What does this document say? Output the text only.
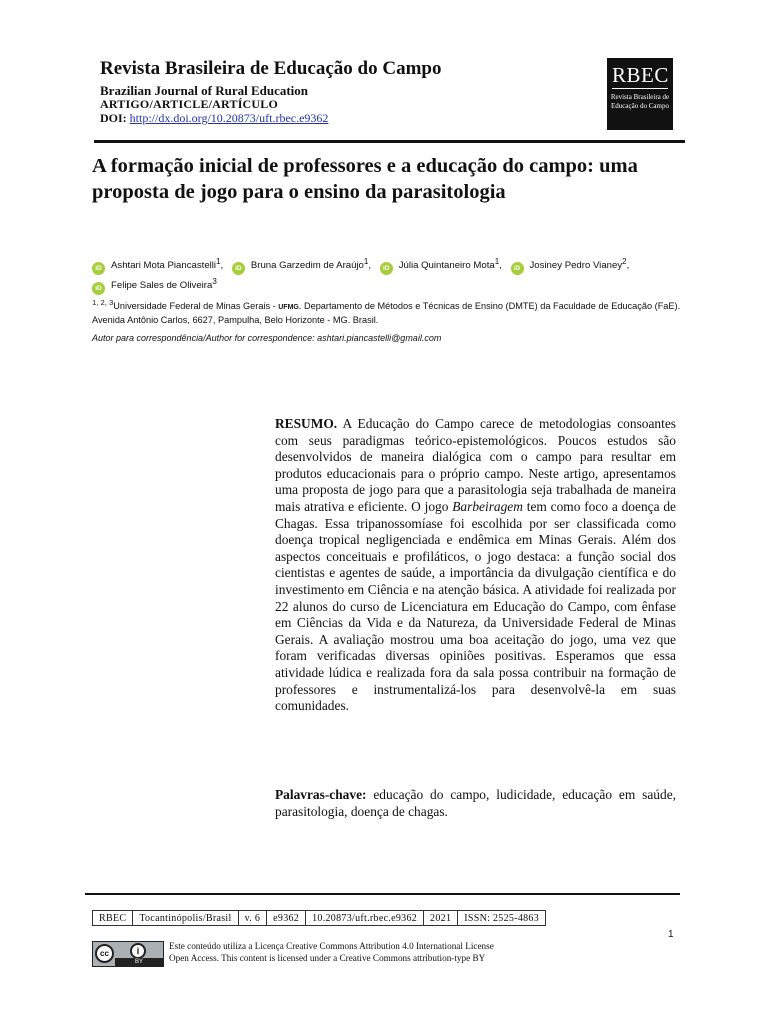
Revista Brasileira de Educação do Campo
Brazilian Journal of Rural Education
ARTIGO/ARTICLE/ARTÍCULO
DOI: http://dx.doi.org/10.20873/uft.rbec.e9362
RBEC
Revista Brasileira de
Educação do Campo
A formação inicial de professores e a educação do campo: uma proposta de jogo para o ensino da parasitologia
iD Ashtari Mota Piancastelli$^1$, iD Bruna Garzedim de Araújo$^1$, iD Júlia Quintaneiro Mota$^1$, iD Josiney Pedro Vianey$^2$,
iD Felipe Sales de Oliveira$^3$
$^{1, 2, 3}$Universidade Federal de Minas Gerais - UFMG. Departamento de Métodos e Técnicas de Ensino (DMTE) da Faculdade de Educação (FaE). Avenida Antônio Carlos, 6627, Pampulha, Belo Horizonte - MG. Brasil.
Autor para correspondência/Author for correspondence: ashtari.piancastelli@gmail.com
RESUMO. A Educação do Campo carece de metodologias consoantes com seus paradigmas teórico-epistemológicos. Poucos estudos são desenvolvidos de maneira dialógica com o campo para resultar em produtos educacionais para o próprio campo. Neste artigo, apresentamos uma proposta de jogo para que a parasitologia seja trabalhada de maneira mais atrativa e eficiente. O jogo Barbeiragem tem como foco a doença de Chagas. Essa tripanossomíase foi escolhida por ser classificada como doença tropical negligenciada e endêmica em Minas Gerais. Além dos aspectos conceituais e profiláticos, o jogo destaca: a função social dos cientistas e agentes de saúde, a importância da divulgação científica e do investimento em Ciência e na atenção básica. A atividade foi realizada por 22 alunos do curso de Licenciatura em Educação do Campo, com ênfase em Ciências da Vida e da Natureza, da Universidade Federal de Minas Gerais. A avaliação mostrou uma boa aceitação do jogo, uma vez que foram verificadas diversas opiniões positivas. Esperamos que essa atividade lúdica e realizada fora da sala possa contribuir na formação de professores e instrumentalizá-los para desenvolvê-la em suas comunidades.
Palavras-chave: educação do campo, ludicidade, educação em saúde, parasitologia, doença de chagas.
RBEC	Tocantinópolis/Brasil	v. 6	e9362	10.20873/uft.rbec.e9362	2021	ISSN: 2525-4863
1
cc	i
BY
Este conteúdo utiliza a Licença Creative Commons Attribution 4.0 International License
Open Access. This content is licensed under a Creative Commons attribution-type BY
